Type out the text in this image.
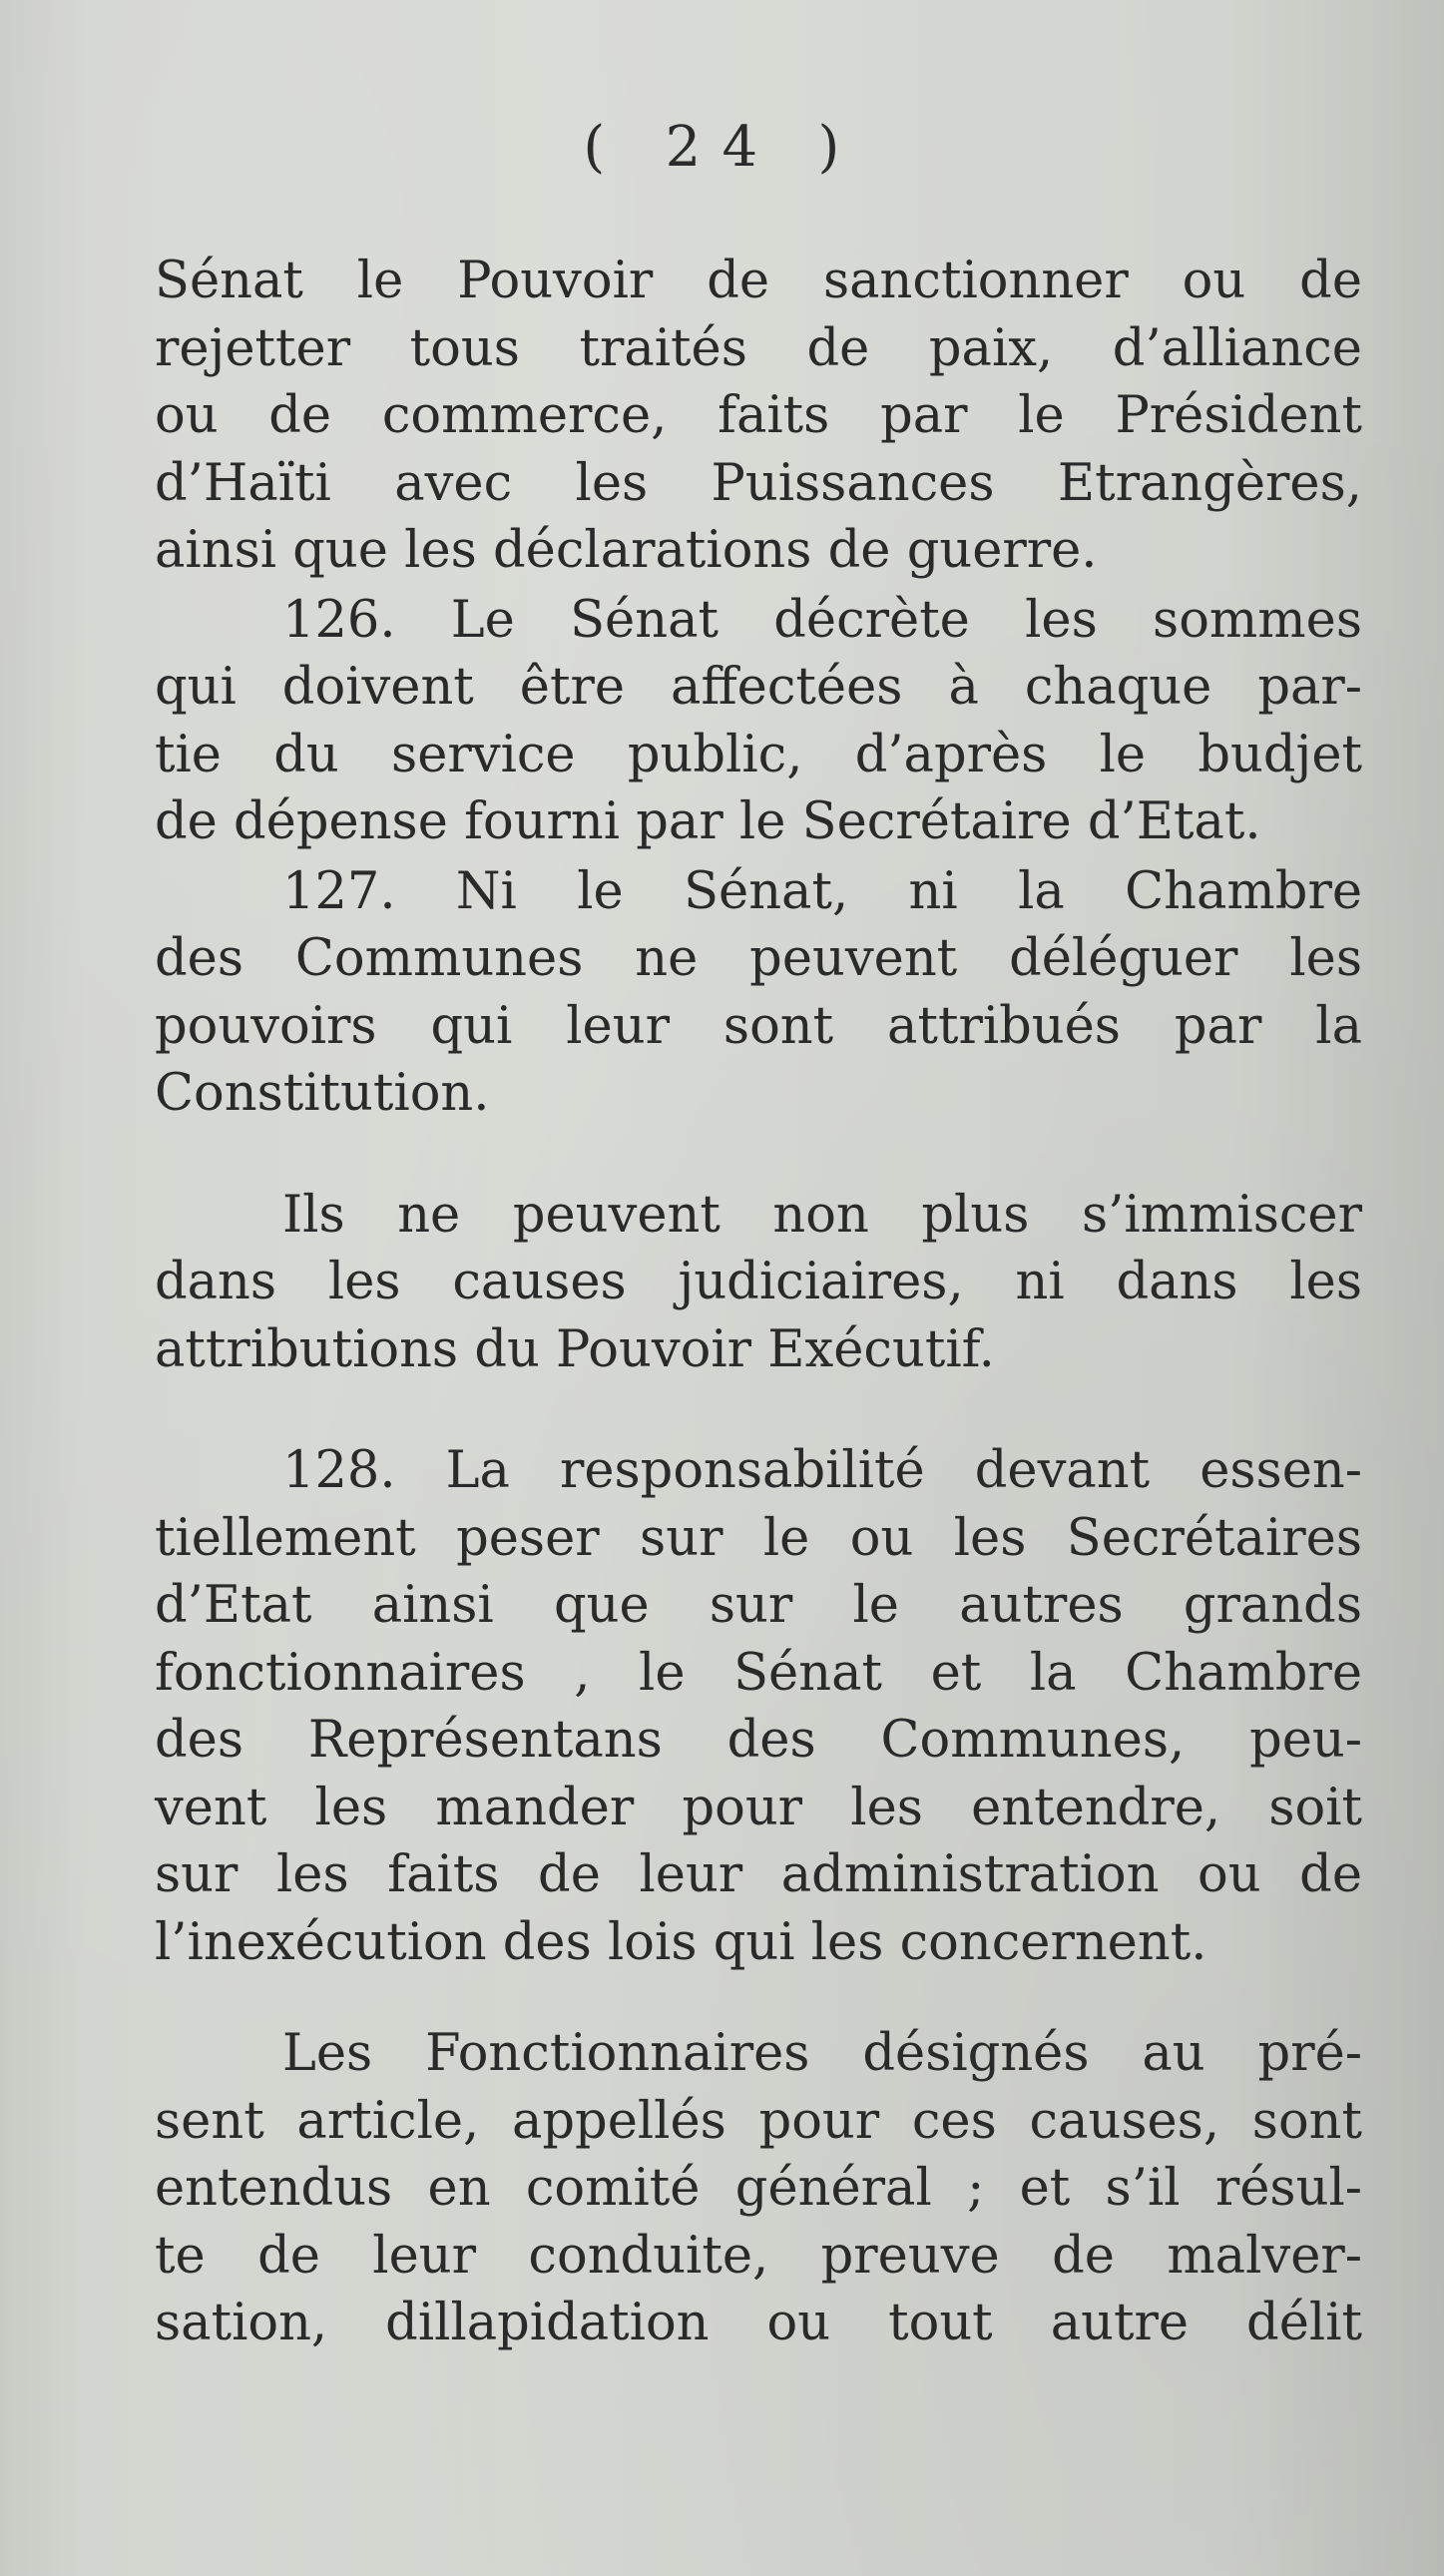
( 24 )

Sénat le Pouvoir de sanctionner ou de
rejetter tous traités de paix, d’alliance
ou de commerce, faits par le Président
d’Haïti avec les Puissances Etrangères,
ainsi que les déclarations de guerre.

126. Le Sénat décrète les sommes
qui doivent être affectées à chaque par-
tie du service public, d’après le budjet
de dépense fourni par le Secrétaire d’Etat.

127. Ni le Sénat, ni la Chambre
des Communes ne peuvent déléguer les
pouvoirs qui leur sont attribués par la
Constitution.

Ils ne peuvent non plus s’immiscer
dans les causes judiciaires, ni dans les
attributions du Pouvoir Exécutif.

128. La responsabilité devant essen-
tiellement peser sur le ou les Secrétaires
d’Etat ainsi que sur le autres grands
fonctionnaires , le Sénat et la Chambre
des Représentans des Communes, peu-
vent les mander pour les entendre, soit
sur les faits de leur administration ou de
l’inexécution des lois qui les concernent.

Les Fonctionnaires désignés au pré-
sent article, appellés pour ces causes, sont
entendus en comité général ; et s’il résul-
te de leur conduite, preuve de malver-
sation, dillapidation ou tout autre délit
